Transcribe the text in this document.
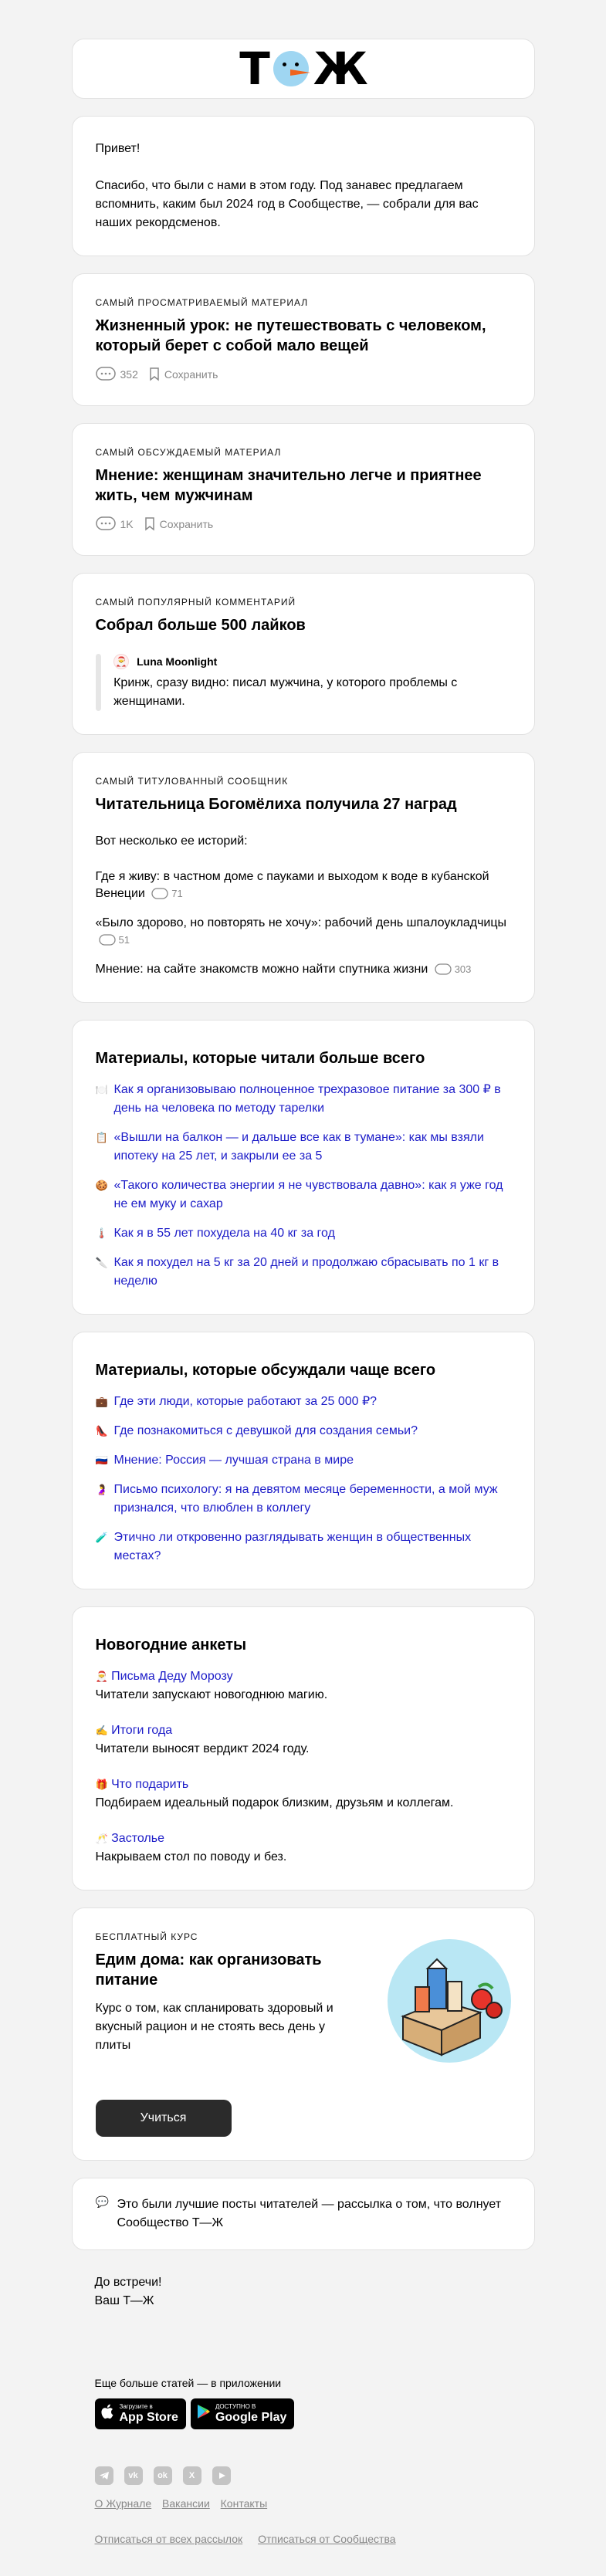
Т Ж
Привет!
Спасибо, что были с нами в этом году. Под занавес предлагаем вспомнить, каким был 2024 год в Сообществе, — собрали для вас наших рекордсменов.
САМЫЙ ПРОСМАТРИВАЕМЫЙ МАТЕРИАЛ
Жизненный урок: не путешествовать с человеком, который берет с собой мало вещей
352 Сохранить
САМЫЙ ОБСУЖДАЕМЫЙ МАТЕРИАЛ
Мнение: женщинам значительно легче и приятнее жить, чем мужчинам
1K Сохранить
САМЫЙ ПОПУЛЯРНЫЙ КОММЕНТАРИЙ
Собрал больше 500 лайков
🎅 Luna Moonlight
Кринж, сразу видно: писал мужчина, у которого проблемы с женщинами.
САМЫЙ ТИТУЛОВАННЫЙ СООБЩНИК
Читательница Богомёлиха получила 27 наград
Вот несколько ее историй:
Где я живу: в частном доме с пауками и выходом к воде в кубанской Венеции	71
«Было здорово, но повторять не хочу»: рабочий день шпалоукладчицы
51
Мнение: на сайте знакомств можно найти спутника жизни	303
Материалы, которые читали больше всего
🍽️ Как я организовываю полноценное трехразовое питание за 300 ₽ в день на человека по методу тарелки
📋 «Вышли на балкон — и дальше все как в тумане»: как мы взяли ипотеку на 25 лет, и закрыли ее за 5
🍪 «Такого количества энергии я не чувствовала давно»: как я уже год не ем муку и сахар
🌡️ Как я в 55 лет похудела на 40 кг за год
🔪 Как я похудел на 5 кг за 20 дней и продолжаю сбрасывать по 1 кг в неделю
Материалы, которые обсуждали чаще всего
💼 Где эти люди, которые работают за 25 000 ₽?
👠 Где познакомиться с девушкой для создания семьи?
🇷🇺 Мнение: Россия — лучшая страна в мире
🤰 Письмо психологу: я на девятом месяце беременности, а мой муж признался, что влюблен в коллегу
🧪 Этично ли откровенно разглядывать женщин в общественных местах?
Новогодние анкеты
🎅 Письма Деду Морозу
Читатели запускают новогоднюю магию.
✍️ Итоги года
Читатели выносят вердикт 2024 году.
🎁 Что подарить
Подбираем идеальный подарок близким, друзьям и коллегам.
🥂 Застолье
Накрываем стол по поводу и без.
БЕСПЛАТНЫЙ КУРС
Едим дома: как организовать питание
Курс о том, как спланировать здоровый и вкусный рацион и не стоять весь день у плиты
Учиться
💬 Это были лучшие посты читателей — рассылка о том, что волнует Сообщество Т—Ж
До встречи!
Ваш Т—Ж
Еще больше статей — в приложении
Загрузите в
App Store
ДОСТУПНО В
Google Play
vk	ok	X
О Журнале Вакансии Контакты
Отписаться от всех рассылок Отписаться от Сообщества
